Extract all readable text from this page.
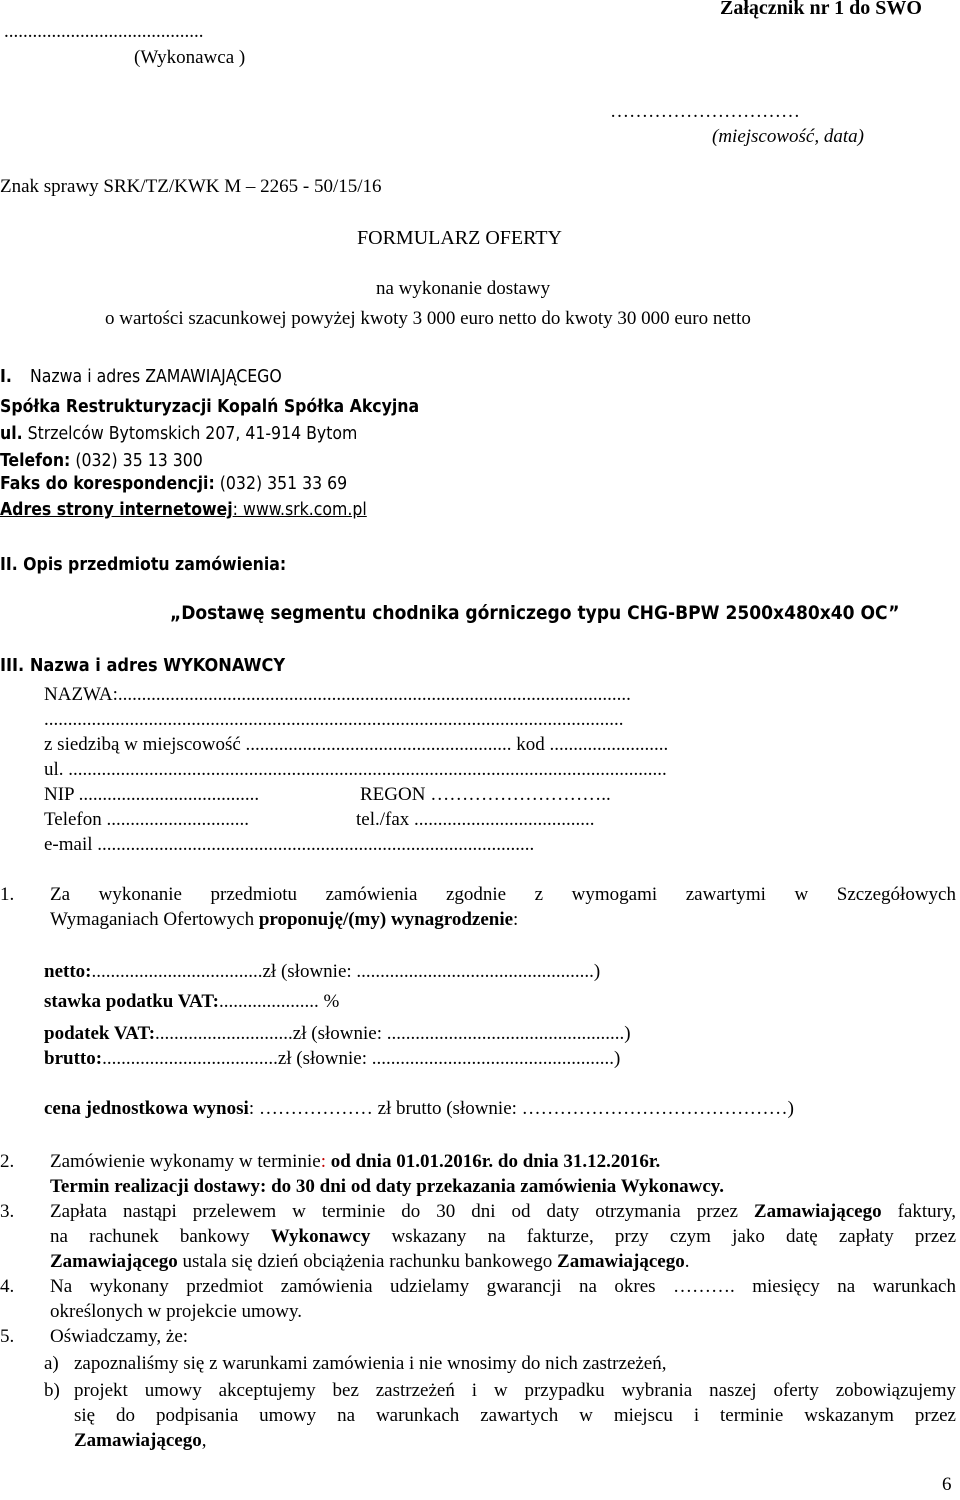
..........................................
(Wykonawca )
Załącznik nr 1 do SWO
…………………………
(miejscowość, data)
Znak sprawy SRK/TZ/KWK M – 2265 - 50/15/16
FORMULARZ OFERTY
na wykonanie dostawy
o wartości szacunkowej powyżej kwoty 3 000 euro netto do kwoty 30 000 euro netto
I. Nazwa i adres ZAMAWIAJĄCEGO
Spółka Restrukturyzacji Kopalń Spółka Akcyjna
ul. Strzelców Bytomskich 207, 41-914 Bytom
Telefon: (032) 35 13 300
Faks do korespondencji: (032) 351 33 69
Adres strony internetowej: www.srk.com.pl
II. Opis przedmiotu zamówienia:
„Dostawę segmentu chodnika górniczego typu CHG-BPW 2500x480x40 OC”
III. Nazwa i adres WYKONAWCY
NAZWA:............................................................................................................
..........................................................................................................................
z siedzibą w miejscowość ........................................................ kod .........................
ul. ..............................................................................................................................
NIP ......................................	REGON ………………………..
Telefon ..............................	tel./fax ......................................
e-mail ............................................................................................
1. Za wykonanie przedmiotu zamówienia zgodnie z wymogami zawartymi w Szczegółowych
Wymaganiach Ofertowych proponuję/(my) wynagrodzenie:
netto:....................................zł (słownie: ..................................................)
stawka podatku VAT:..................... %
podatek VAT:.............................zł (słownie: ..................................................)
brutto:.....................................zł (słownie: ...................................................)
cena jednostkowa wynosi: ……………… zł brutto (słownie: ……………………………………)
2. Zamówienie wykonamy w terminie: od dnia 01.01.2016r. do dnia 31.12.2016r.
Termin realizacji dostawy: do 30 dni od daty przekazania zamówienia Wykonawcy.
3. Zapłata nastąpi przelewem w terminie do 30 dni od daty otrzymania przez Zamawiającego faktury,
na rachunek bankowy Wykonawcy wskazany na fakturze, przy czym jako datę zapłaty przez
Zamawiającego ustala się dzień obciążenia rachunku bankowego Zamawiającego.
4. Na wykonany przedmiot zamówienia udzielamy gwarancji na okres ………. miesięcy na warunkach
określonych w projekcie umowy.
5. Oświadczamy, że:
a) zapoznaliśmy się z warunkami zamówienia i nie wnosimy do nich zastrzeżeń,
b) projekt umowy akceptujemy bez zastrzeżeń i w przypadku wybrania naszej oferty zobowiązujemy
się do podpisania umowy na warunkach zawartych w miejscu i terminie wskazanym przez
Zamawiającego,
6
